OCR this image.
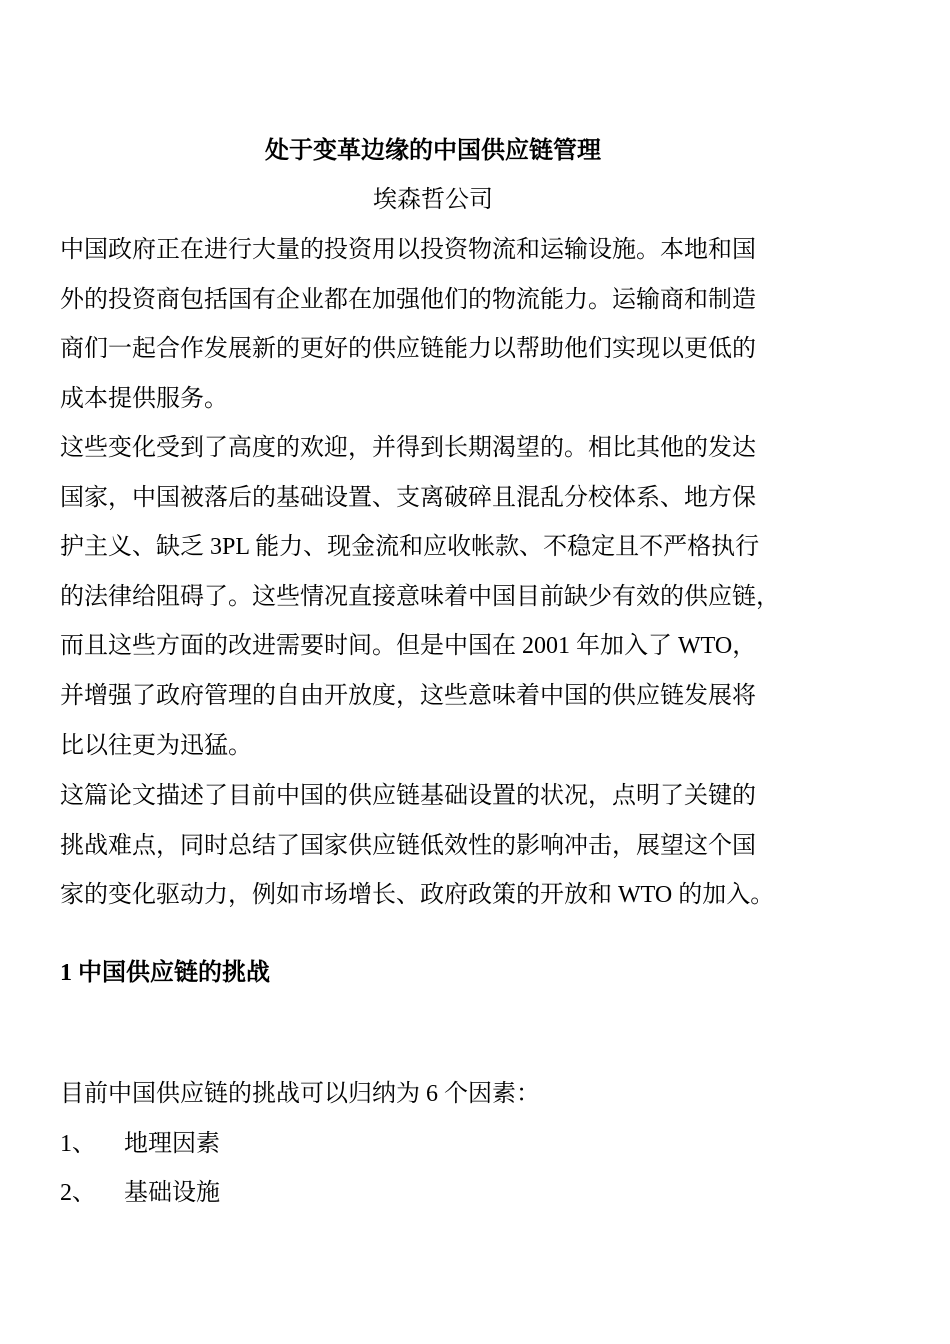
处于变革边缘的中国供应链管理
埃森哲公司
中国政府正在进行大量的投资用以投资物流和运输设施。本地和国
外的投资商包括国有企业都在加强他们的物流能力。运输商和制造
商们一起合作发展新的更好的供应链能力以帮助他们实现以更低的
成本提供服务。
这些变化受到了高度的欢迎，并得到长期渴望的。相比其他的发达
国家，中国被落后的基础设置、支离破碎且混乱分校体系、地方保
护主义、缺乏 3PL 能力、现金流和应收帐款、不稳定且不严格执行
的法律给阻碍了。这些情况直接意味着中国目前缺少有效的供应链，
而且这些方面的改进需要时间。但是中国在 2001 年加入了 WTO，
并增强了政府管理的自由开放度，这些意味着中国的供应链发展将
比以往更为迅猛。
这篇论文描述了目前中国的供应链基础设置的状况，点明了关键的
挑战难点，同时总结了国家供应链低效性的影响冲击，展望这个国
家的变化驱动力，例如市场增长、政府政策的开放和 WTO 的加入。
1 中国供应链的挑战
目前中国供应链的挑战可以归纳为 6 个因素：
1、 地理因素
2、 基础设施
